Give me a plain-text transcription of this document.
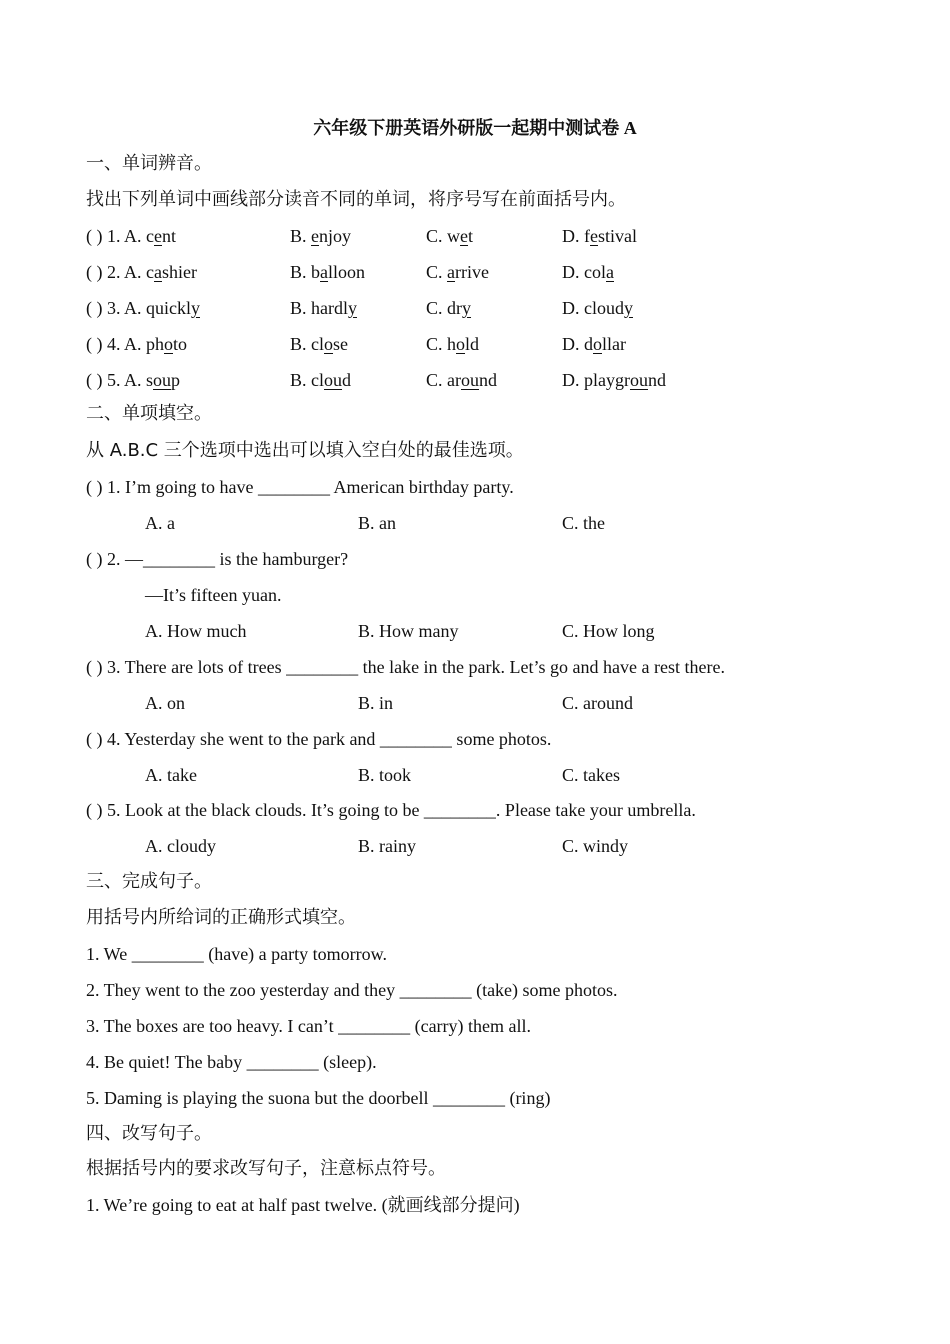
六年级下册英语外研版一起期中测试卷 A
一、单词辨音。
找出下列单词中画线部分读音不同的单词，将序号写在前面括号内。
( ) 1. A. cent	B. enjoy	C. wet	D. festival
( ) 2. A. cashier	B. balloon	C. arrive	D. cola
( ) 3. A. quickly	B. hardly	C. dry	D. cloudy
( ) 4. A. photo	B. close	C. hold	D. dollar
( ) 5. A. soup	B. cloud	C. around	D. playground
二、单项填空。
从 A.B.C 三个选项中选出可以填入空白处的最佳选项。
( ) 1. I’m going to have ________ American birthday party.
A. a	B. an	C. the
( ) 2. —________ is the hamburger?
—It’s fifteen yuan.
A. How much	B. How many	C. How long
( ) 3. There are lots of trees ________ the lake in the park. Let’s go and have a rest there.
A. on	B. in	C. around
( ) 4. Yesterday she went to the park and ________ some photos.
A. take	B. took	C. takes
( ) 5. Look at the black clouds. It’s going to be ________. Please take your umbrella.
A. cloudy	B. rainy	C. windy
三、完成句子。
用括号内所给词的正确形式填空。
1. We ________ (have) a party tomorrow.
2. They went to the zoo yesterday and they ________ (take) some photos.
3. The boxes are too heavy. I can’t ________ (carry) them all.
4. Be quiet! The baby ________ (sleep).
5. Daming is playing the suona but the doorbell ________ (ring)
四、改写句子。
根据括号内的要求改写句子，注意标点符号。
1. We’re going to eat at half past twelve. (就画线部分提问)
